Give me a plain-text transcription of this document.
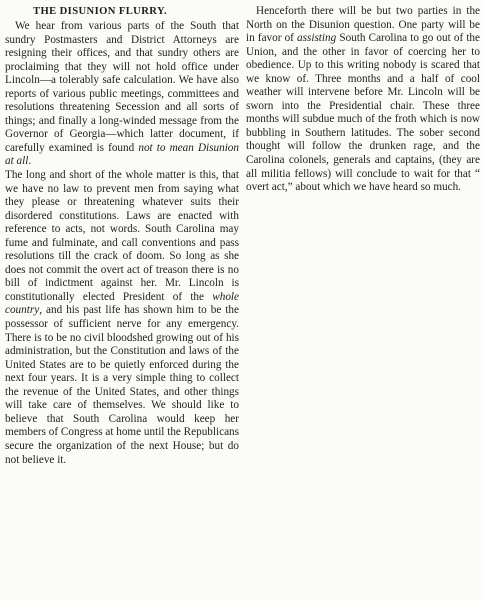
THE DISUNION FLURRY.

We hear from various parts of the South that sundry Postmasters and District Attorneys are resigning their offices, and that sundry others are proclaiming that they will not hold office under Lincoln—a tolerably safe calculation. We have also reports of various public meetings, committees and resolutions threatening Secession and all sorts of things; and finally a long-winded message from the Governor of Georgia—which latter document, if carefully examined is found not to mean Disunion at all.

The long and short of the whole matter is this, that we have no law to prevent men from saying what they please or threatening whatever suits their disordered constitutions. Laws are enacted with reference to acts, not words. South Carolina may fume and fulminate, and call conventions and pass resolutions till the crack of doom. So long as she does not commit the overt act of treason there is no bill of indictment against her. Mr. Lincoln is constitutionally elected President of the whole country, and his past life has shown him to be the possessor of sufficient nerve for any emergency. There is to be no civil bloodshed growing out of his administration, but the Constitution and laws of the United States are to be quietly enforced during the next four years. It is a very simple thing to collect the revenue of the United States, and other things will take care of themselves. We should like to believe that South Carolina would keep her members of Congress at home until the Republicans secure the organization of the next House; but do not believe it.

Henceforth there will be but two parties in the North on the Disunion question. One party will be in favor of assisting South Carolina to go out of the Union, and the other in favor of coercing her to obedience. Up to this writing nobody is scared that we know of. Three months and a half of cool weather will intervene before Mr. Lincoln will be sworn into the Presidential chair. These three months will subdue much of the froth which is now bubbling in Southern latitudes. The sober second thought will follow the drunken rage, and the Carolina colonels, generals and captains, (they are all militia fellows) will conclude to wait for that “ overt act,” about which we have heard so much.
